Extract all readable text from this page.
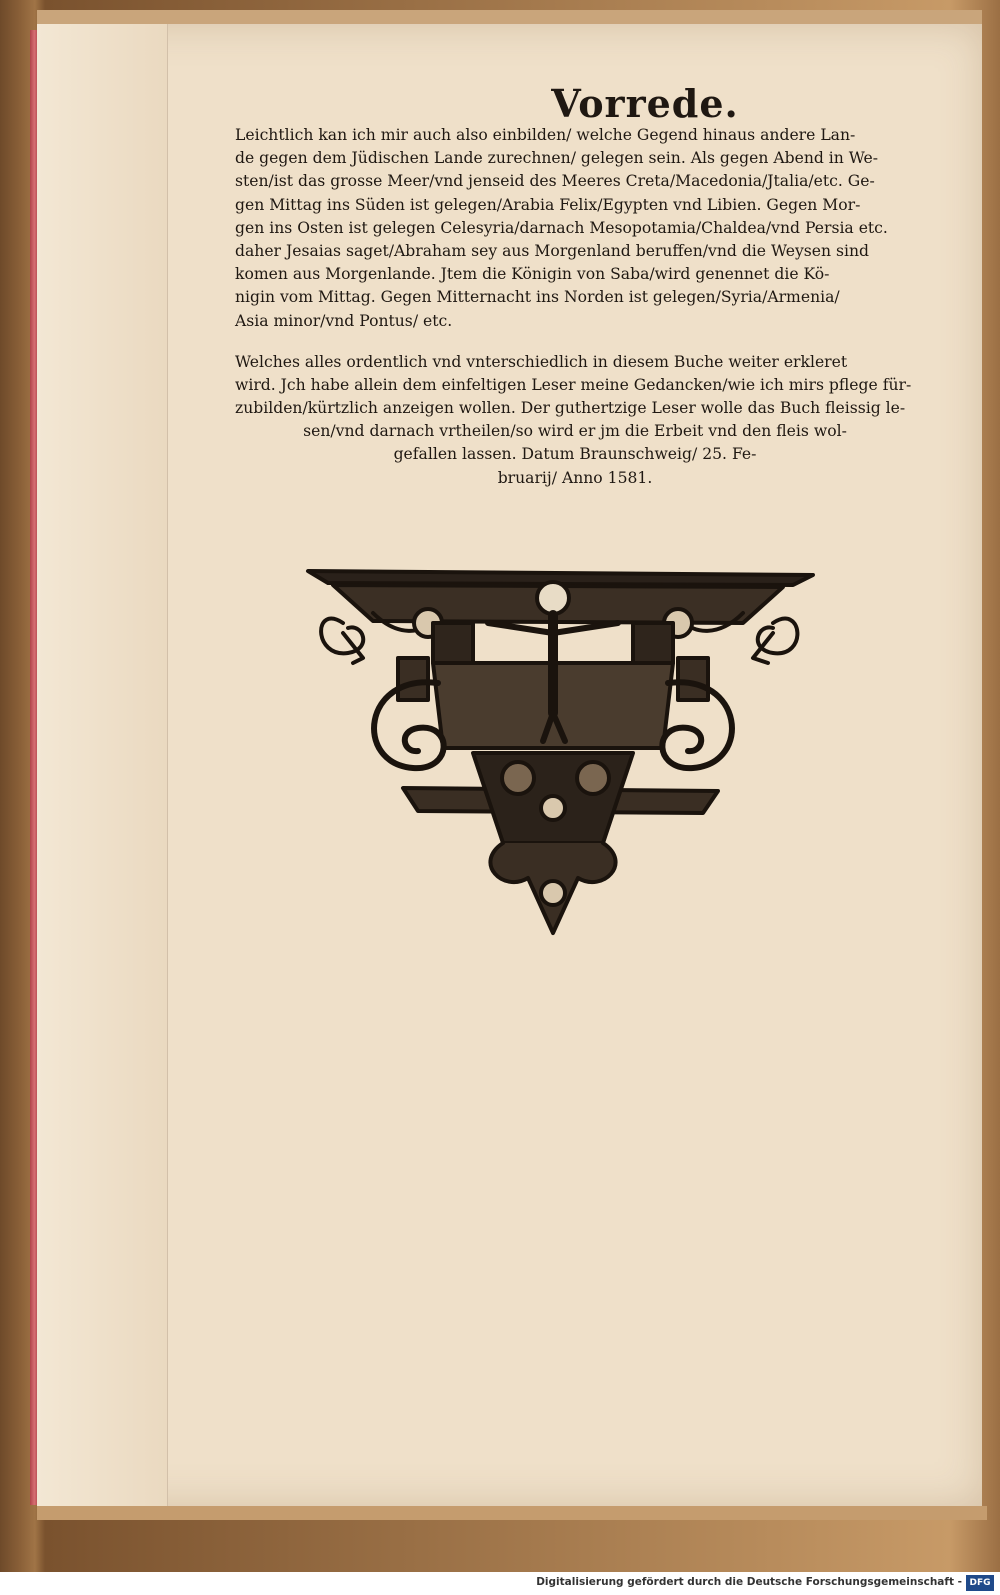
Vorrede.
Leichtlich kan ich mir auch also einbilden/ welche Gegend hinaus andere Lan-
de gegen dem Jüdischen Lande zurechnen/ gelegen sein. Als gegen Abend in We-
sten/ist das grosse Meer/vnd jenseid des Meeres Creta/Macedonia/Jtalia/etc. Ge-
gen Mittag ins Süden ist gelegen/Arabia Felix/Egypten vnd Libien. Gegen Mor-
gen ins Osten ist gelegen Celesyria/darnach Mesopotamia/Chaldea/vnd Persia etc.
daher Jesaias saget/Abraham sey aus Morgenland beruffen/vnd die Weysen sind
komen aus Morgenlande. Jtem die Königin von Saba/wird genennet die Kö-
nigin vom Mittag. Gegen Mitternacht ins Norden ist gelegen/Syria/Armenia/
Asia minor/vnd Pontus/ etc.
Welches alles ordentlich vnd vnterschiedlich in diesem Buche weiter erkleret
wird. Jch habe allein dem einfeltigen Leser meine Gedancken/wie ich mirs pflege für-
zubilden/kürtzlich anzeigen wollen. Der guthertzige Leser wolle das Buch fleissig le-
sen/vnd darnach vrtheilen/so wird er jm die Erbeit vnd den fleis wol-
gefallen lassen. Datum Braunschweig/ 25. Fe-
bruarij/ Anno 1581.
Digitalisierung gefördert durch die Deutsche Forschungsgemeinschaft - DFG
